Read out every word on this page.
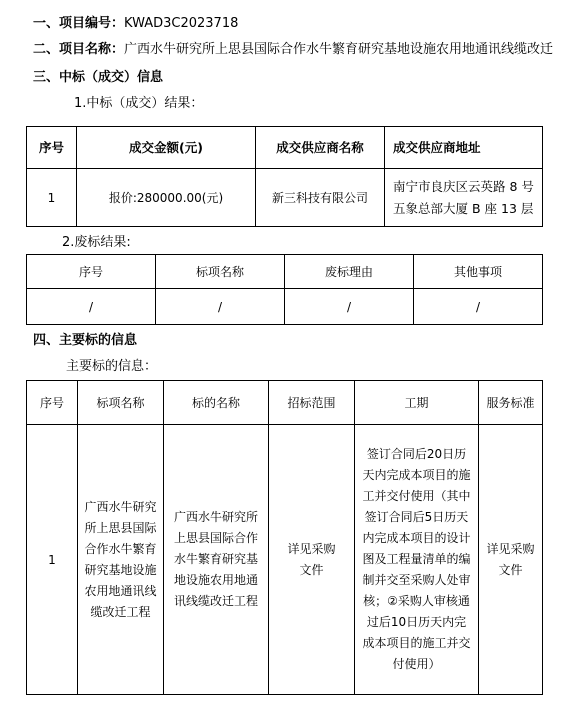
一、项目编号：KWAD3C2023718
二、项目名称：广西水牛研究所上思县国际合作水牛繁育研究基地设施农用地通讯线缆改迁
三、中标（成交）信息
1.中标（成交）结果：
序号	成交金额(元)	成交供应商名称	成交供应商地址
1	报价:280000.00(元)	新三科技有限公司	南宁市良庆区云英路 8 号五象总部大厦 B 座 13 层
2.废标结果:
序号	标项名称	废标理由	其他事项
/	/	/	/
四、主要标的信息
主要标的信息：
序号	标项名称	标的名称	招标范围	工期	服务标准
1	广西水牛研究所上思县国际合作水牛繁育研究基地设施农用地通讯线缆改迁工程	广西水牛研究所上思县国际合作水牛繁育研究基地设施农用地通讯线缆改迁工程	详见采购文件	签订合同后20日历天内完成本项目的施工并交付使用（其中签订合同后5日历天内完成本项目的设计图及工程量清单的编制并交至采购人处审核；②采购人审核通过后10日历天内完成本项目的施工并交付使用）	详见采购文件
